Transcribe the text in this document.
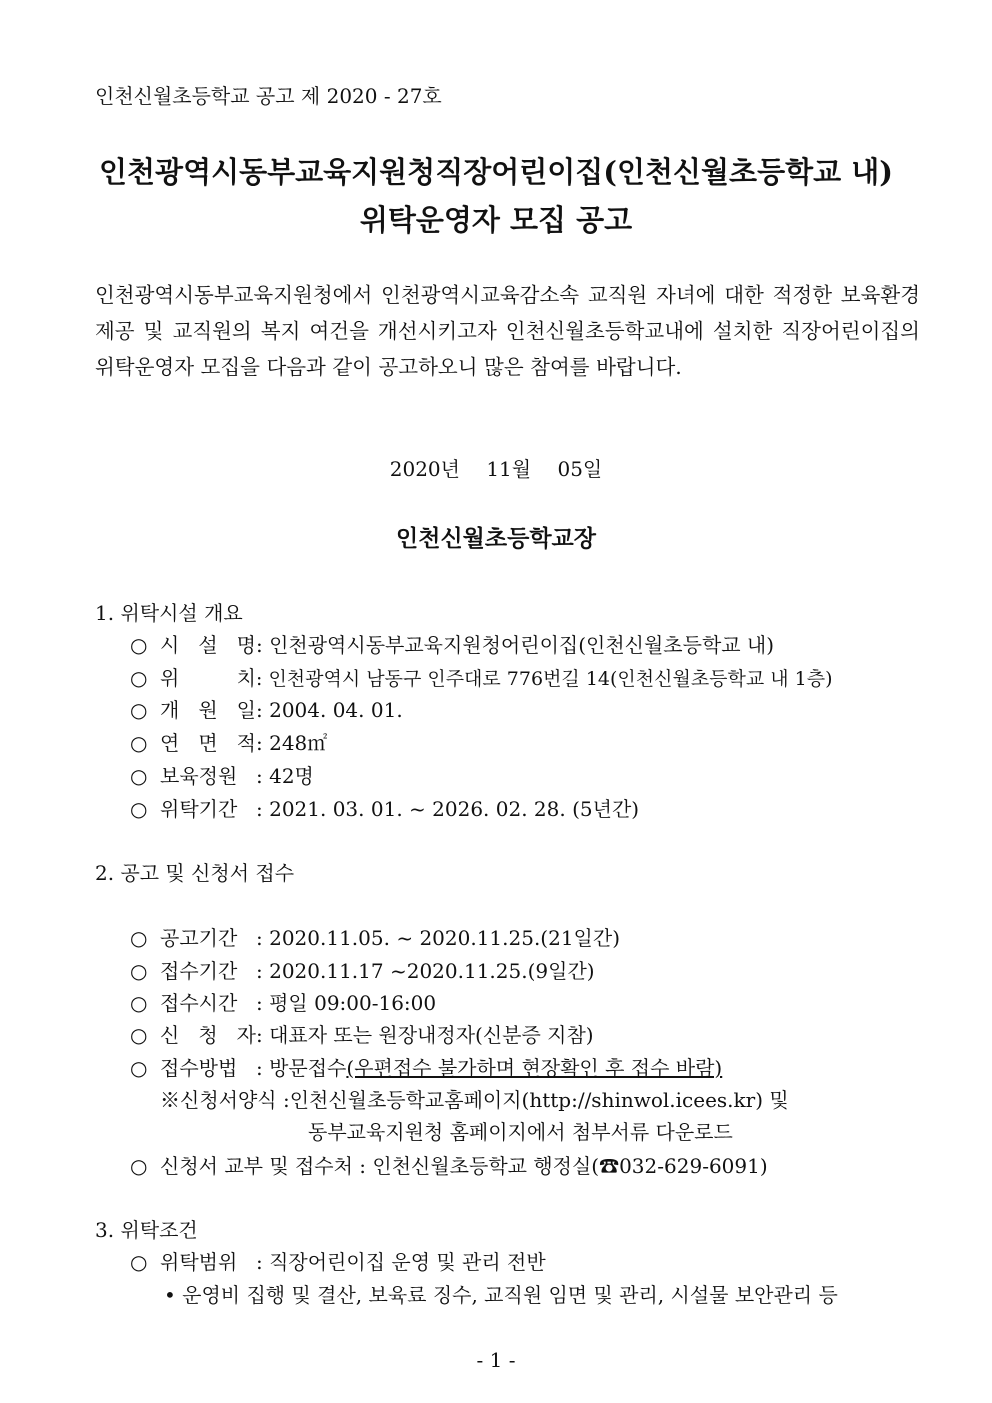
인천신월초등학교 공고 제 2020 - 27호
인천광역시동부교육지원청직장어린이집(인천신월초등학교 내)
위탁운영자 모집 공고
인천광역시동부교육지원청에서 인천광역시교육감소속 교직원 자녀에 대한 적정한 보육환경 제공 및 교직원의 복지 여건을 개선시키고자 인천신월초등학교내에 설치한 직장어린이집의 위탁운영자 모집을 다음과 같이 공고하오니 많은 참여를 바랍니다.
2020년 11월 05일
인천신월초등학교장
1. 위탁시설 개요
○ 시 설 명: 인천광역시동부교육지원청어린이집(인천신월초등학교 내)
○ 위 치: 인천광역시 남동구 인주대로 776번길 14(인천신월초등학교 내 1층)
○ 개 원 일: 2004. 04. 01.
○ 연 면 적: 248㎡
○ 보육정원 : 42명
○ 위탁기간 : 2021. 03. 01. ~ 2026. 02. 28. (5년간)
2. 공고 및 신청서 접수
○ 공고기간 : 2020.11.05. ~ 2020.11.25.(21일간)
○ 접수기간 : 2020.11.17 ~2020.11.25.(9일간)
○ 접수시간 : 평일 09:00-16:00
○ 신 청 자: 대표자 또는 원장내정자(신분증 지참)
○ 접수방법 : 방문접수(우편접수 불가하며 현장확인 후 접수 바람)
※신청서양식 :인천신월초등학교홈페이지(http://shinwol.icees.kr) 및
동부교육지원청 홈페이지에서 첨부서류 다운로드
○ 신청서 교부 및 접수처 : 인천신월초등학교 행정실(☎032-629-6091)
3. 위탁조건
○ 위탁범위 : 직장어린이집 운영 및 관리 전반
• 운영비 집행 및 결산, 보육료 징수, 교직원 임면 및 관리, 시설물 보안관리 등
- 1 -
